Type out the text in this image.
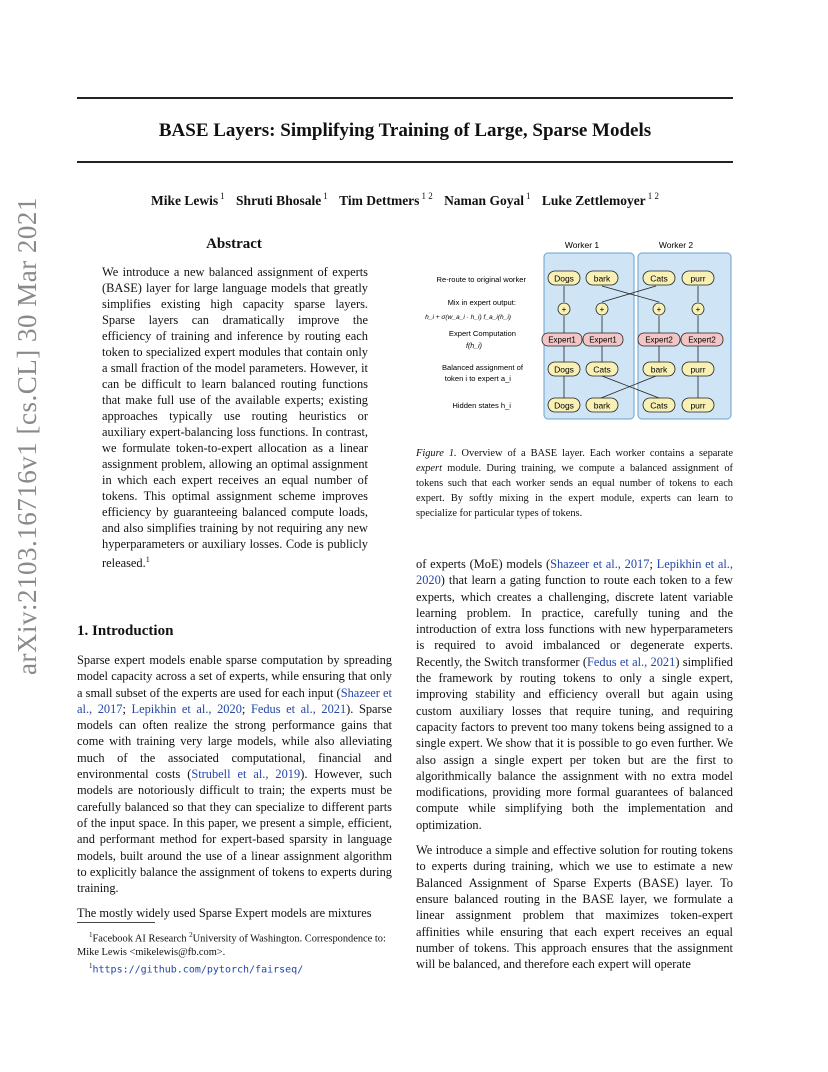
BASE Layers: Simplifying Training of Large, Sparse Models
Mike Lewis $^1$ Shruti Bhosale $^1$ Tim Dettmers $^{1 2}$ Naman Goyal $^1$ Luke Zettlemoyer $^{1 2}$
arXiv:2103.16716v1 [cs.CL] 30 Mar 2021	Abstract
We introduce a new balanced assignment of experts (BASE) layer for large language models that greatly simplifies existing high capacity sparse layers. Sparse layers can dramatically improve the efficiency of training and inference by routing each token to specialized expert modules that contain only a small fraction of the model parameters. However, it can be difficult to learn balanced routing functions that make full use of the available experts; existing approaches typically use routing heuristics or auxiliary expert-balancing loss functions. In contrast, we formulate token-to-expert allocation as a linear assignment problem, allowing an optimal assignment in which each expert receives an equal number of tokens. This optimal assignment scheme improves efficiency by guaranteeing balanced compute loads, and also simplifies training by not requiring any new hyperparameters or auxiliary losses. Code is publicly released.$^1$
1. Introduction

Sparse expert models enable sparse computation by spreading model capacity across a set of experts, while ensuring that only a small subset of the experts are used for each input (Shazeer et al., 2017; Lepikhin et al., 2020; Fedus et al., 2021). Sparse models can often realize the strong performance gains that come with training very large models, while also alleviating much of the associated computational, financial and environmental costs (Strubell et al., 2019). However, such models are notoriously difficult to train; the experts must be carefully balanced so that they can specialize to different parts of the input space. In this paper, we present a simple, efficient, and performant method for expert-based sparsity in language models, built around the use of a linear assignment algorithm to explicitly balance the assignment of tokens to experts during training.

The mostly widely used Sparse Expert models are mixtures

$^1$Facebook AI Research $^2$University of Washington. Correspondence to: Mike Lewis <mikelewis@fb.com>.
$^1$https://github.com/pytorch/fairseq/
Worker 1	Worker 2
Re-route to original worker
Mix in expert output:
h_i + σ(w_a_i · h_i) f_a_i(h_i)
Expert Computation
f(h_i)
Balanced assignment of
token i to expert a_i
Hidden states h_i
Dogs bark	Cats	purr
+	+	+	+
Expert1 Expert1	Expert2 Expert2
Dogs Cats	bark	purr
Dogs bark	Cats	purr
Figure 1. Overview of a BASE layer. Each worker contains a separate expert module. During training, we compute a balanced assignment of tokens such that each worker sends an equal number of tokens to each expert. By softly mixing in the expert module, experts can learn to specialize for particular types of tokens.

of experts (MoE) models (Shazeer et al., 2017; Lepikhin et al., 2020) that learn a gating function to route each token to a few experts, which creates a challenging, discrete latent variable learning problem. In practice, carefully tuning and the introduction of extra loss functions with new hyperparameters is required to avoid imbalanced or degenerate experts. Recently, the Switch transformer (Fedus et al., 2021) simplified the framework by routing tokens to only a single expert, improving stability and efficiency overall but again using custom auxiliary losses that require tuning, and requiring capacity factors to prevent too many tokens being assigned to a single expert. We show that it is possible to go even further. We also assign a single expert per token but are the first to algorithmically balance the assignment with no extra model modifications, providing more formal guarantees of balanced compute while simplifying both the implementation and optimization.

We introduce a simple and effective solution for routing tokens to experts during training, which we use to estimate a new Balanced Assignment of Sparse Experts (BASE) layer. To ensure balanced routing in the BASE layer, we formulate a linear assignment problem that maximizes token-expert affinities while ensuring that each expert receives an equal number of tokens. This approach ensures that the assignment will be balanced, and therefore each expert will operate
